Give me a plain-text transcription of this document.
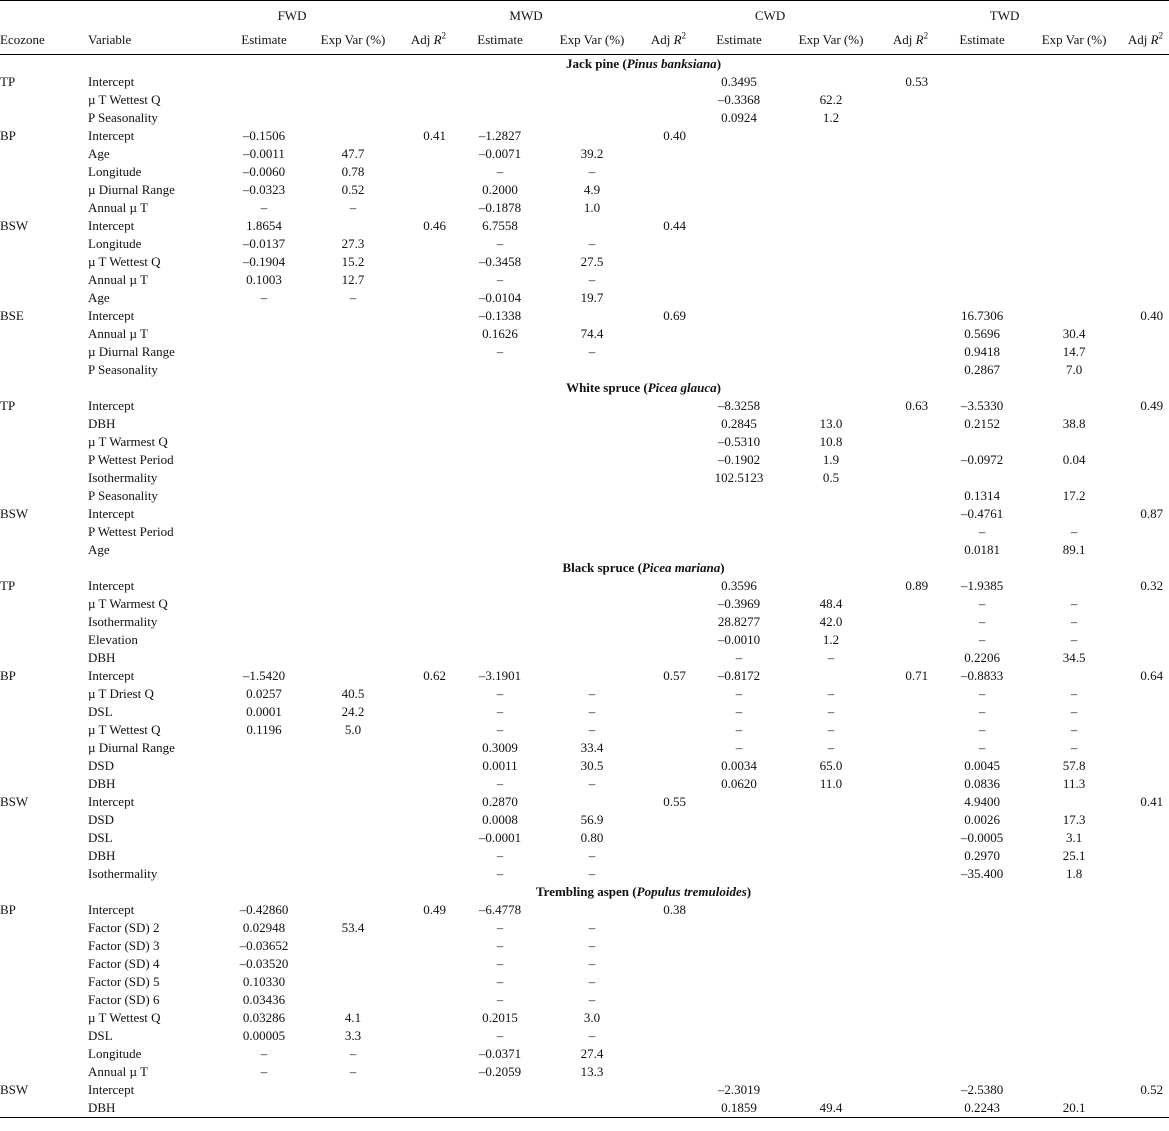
		FWD			MWD			CWD			TWD		
Ecozone	Variable	Estimate	Exp Var (%)	Adj $R^2$	Estimate	Exp Var (%)	Adj $R^2$	Estimate	Exp Var (%)	Adj $R^2$	Estimate	Exp Var (%)	Adj $R^2$
Jack pine (Pinus banksiana)													
TP	Intercept							0.3495		0.53			
	µ T Wettest Q							–0.3368	62.2				
	P Seasonality							0.0924	1.2				
BP	Intercept	–0.1506		0.41	–1.2827		0.40						
	Age	–0.0011	47.7		–0.0071	39.2							
	Longitude	–0.0060	0.78		–	–							
	µ Diurnal Range	–0.0323	0.52		0.2000	4.9							
	Annual µ T	–	–		–0.1878	1.0							
BSW	Intercept	1.8654		0.46	6.7558		0.44						
	Longitude	–0.0137	27.3		–	–							
	µ T Wettest Q	–0.1904	15.2		–0.3458	27.5							
	Annual µ T	0.1003	12.7		–	–							
	Age	–	–		–0.0104	19.7							
BSE	Intercept				–0.1338		0.69				16.7306		0.40
	Annual µ T				0.1626	74.4					0.5696	30.4	
	µ Diurnal Range				–	–					0.9418	14.7	
	P Seasonality										0.2867	7.0	
White spruce (Picea glauca)													
TP	Intercept							–8.3258		0.63	–3.5330		0.49
	DBH							0.2845	13.0		0.2152	38.8	
	µ T Warmest Q							–0.5310	10.8				
	P Wettest Period							–0.1902	1.9		–0.0972	0.04	
	Isothermality							102.5123	0.5				
	P Seasonality										0.1314	17.2	
BSW	Intercept										–0.4761		0.87
	P Wettest Period										–	–	
	Age										0.0181	89.1	
Black spruce (Picea mariana)													
TP	Intercept							0.3596		0.89	–1.9385		0.32
	µ T Warmest Q							–0.3969	48.4		–	–	
	Isothermality							28.8277	42.0		–	–	
	Elevation							–0.0010	1.2		–	–	
	DBH							–	–		0.2206	34.5	
BP	Intercept	–1.5420		0.62	–3.1901		0.57	–0.8172		0.71	–0.8833		0.64
	µ T Driest Q	0.0257	40.5		–	–		–	–		–	–	
	DSL	0.0001	24.2		–	–		–	–		–	–	
	µ T Wettest Q	0.1196	5.0		–	–		–	–		–	–	
	µ Diurnal Range				0.3009	33.4		–	–		–	–	
	DSD				0.0011	30.5		0.0034	65.0		0.0045	57.8	
	DBH				–	–		0.0620	11.0		0.0836	11.3	
BSW	Intercept				0.2870		0.55				4.9400		0.41
	DSD				0.0008	56.9					0.0026	17.3	
	DSL				–0.0001	0.80					–0.0005	3.1	
	DBH				–	–					0.2970	25.1	
	Isothermality				–	–					–35.400	1.8	
Trembling aspen (Populus tremuloides)													
BP	Intercept	–0.42860		0.49	–6.4778		0.38						
	Factor (SD) 2	0.02948	53.4		–	–							
	Factor (SD) 3	–0.03652			–	–							
	Factor (SD) 4	–0.03520			–	–							
	Factor (SD) 5	0.10330			–	–							
	Factor (SD) 6	0.03436			–	–							
	µ T Wettest Q	0.03286	4.1		0.2015	3.0							
	DSL	0.00005	3.3		–	–							
	Longitude	–	–		–0.0371	27.4							
	Annual µ T	–	–		–0.2059	13.3							
BSW	Intercept							–2.3019			–2.5380		0.52
	DBH							0.1859	49.4		0.2243	20.1	
